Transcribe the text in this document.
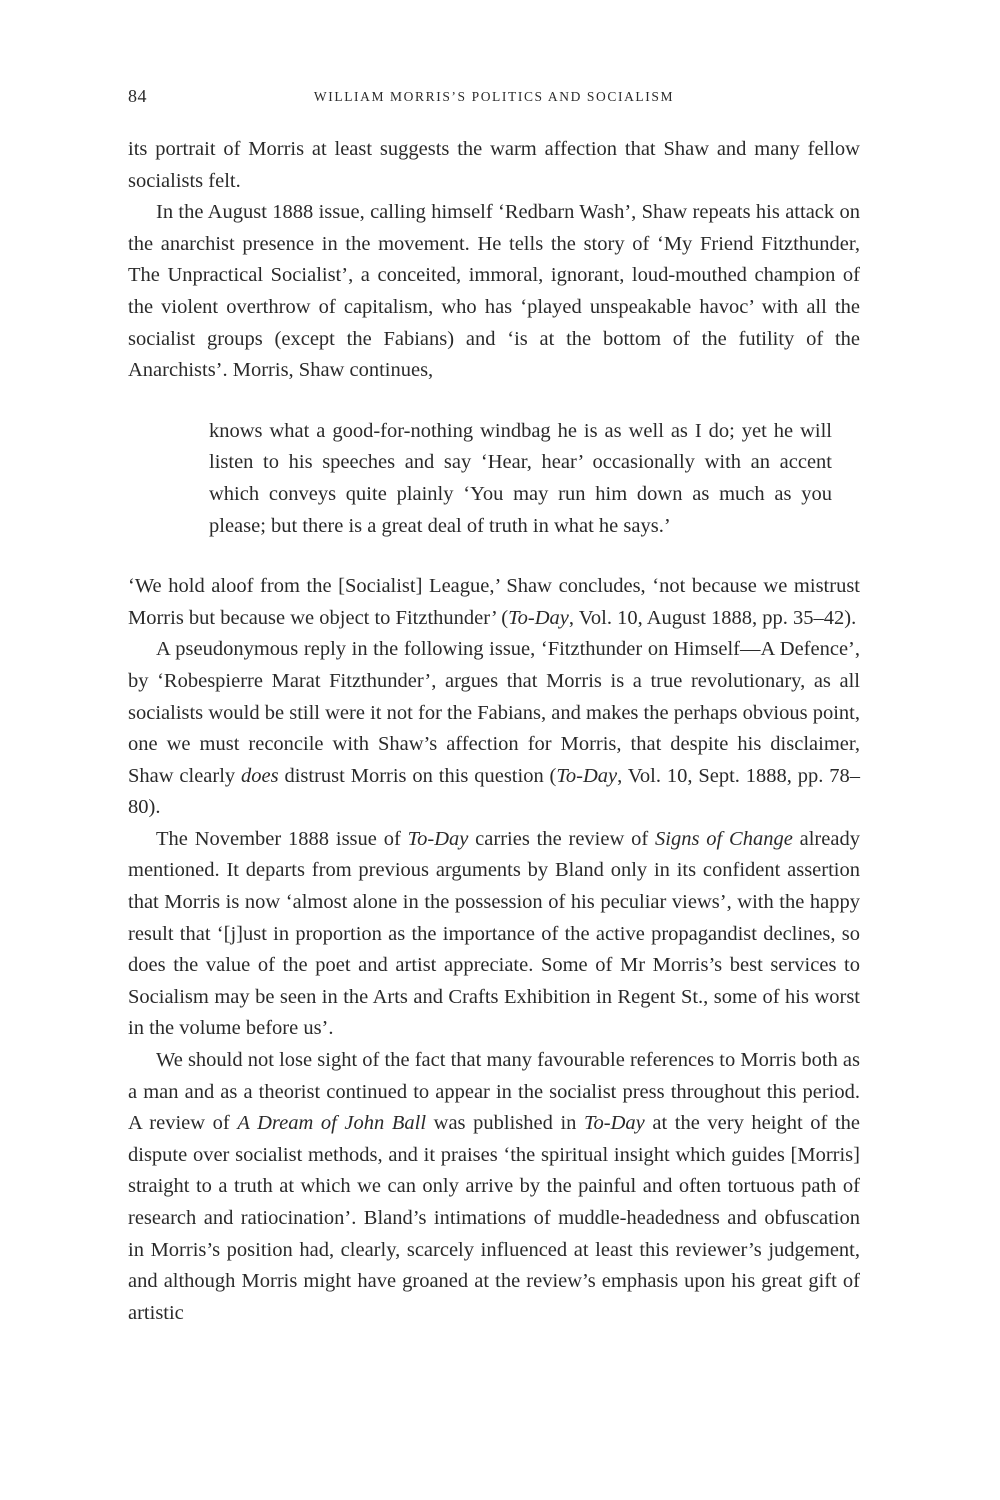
84	WILLIAM MORRIS’S POLITICS AND SOCIALISM

its portrait of Morris at least suggests the warm affection that Shaw and many fellow socialists felt.

In the August 1888 issue, calling himself ‘Redbarn Wash’, Shaw repeats his attack on the anarchist presence in the movement. He tells the story of ‘My Friend Fitzthunder, The Unpractical Socialist’, a conceited, immoral, ignorant, loud-mouthed champion of the violent overthrow of capitalism, who has ‘played unspeakable havoc’ with all the socialist groups (except the Fabians) and ‘is at the bottom of the futility of the Anarchists’. Morris, Shaw continues,

knows what a good-for-nothing windbag he is as well as I do; yet he will listen to his speeches and say ‘Hear, hear’ occasionally with an accent which conveys quite plainly ‘You may run him down as much as you please; but there is a great deal of truth in what he says.’

‘We hold aloof from the [Socialist] League,’ Shaw concludes, ‘not because we mistrust Morris but because we object to Fitzthunder’ (To-Day, Vol. 10, August 1888, pp. 35–42).

A pseudonymous reply in the following issue, ‘Fitzthunder on Himself—A Defence’, by ‘Robespierre Marat Fitzthunder’, argues that Morris is a true revolutionary, as all socialists would be still were it not for the Fabians, and makes the perhaps obvious point, one we must reconcile with Shaw’s affection for Morris, that despite his disclaimer, Shaw clearly does distrust Morris on this question (To-Day, Vol. 10, Sept. 1888, pp. 78–80).

The November 1888 issue of To-Day carries the review of Signs of Change already mentioned. It departs from previous arguments by Bland only in its confident assertion that Morris is now ‘almost alone in the possession of his peculiar views’, with the happy result that ‘[j]ust in proportion as the importance of the active propagandist declines, so does the value of the poet and artist appreciate. Some of Mr Morris’s best services to Socialism may be seen in the Arts and Crafts Exhibition in Regent St., some of his worst in the volume before us’.

We should not lose sight of the fact that many favourable references to Morris both as a man and as a theorist continued to appear in the socialist press throughout this period. A review of A Dream of John Ball was published in To-Day at the very height of the dispute over socialist methods, and it praises ‘the spiritual insight which guides [Morris] straight to a truth at which we can only arrive by the painful and often tortuous path of research and ratiocination’. Bland’s intimations of muddle-headedness and obfuscation in Morris’s position had, clearly, scarcely influenced at least this reviewer’s judgement, and although Morris might have groaned at the review’s emphasis upon his great gift of artistic
